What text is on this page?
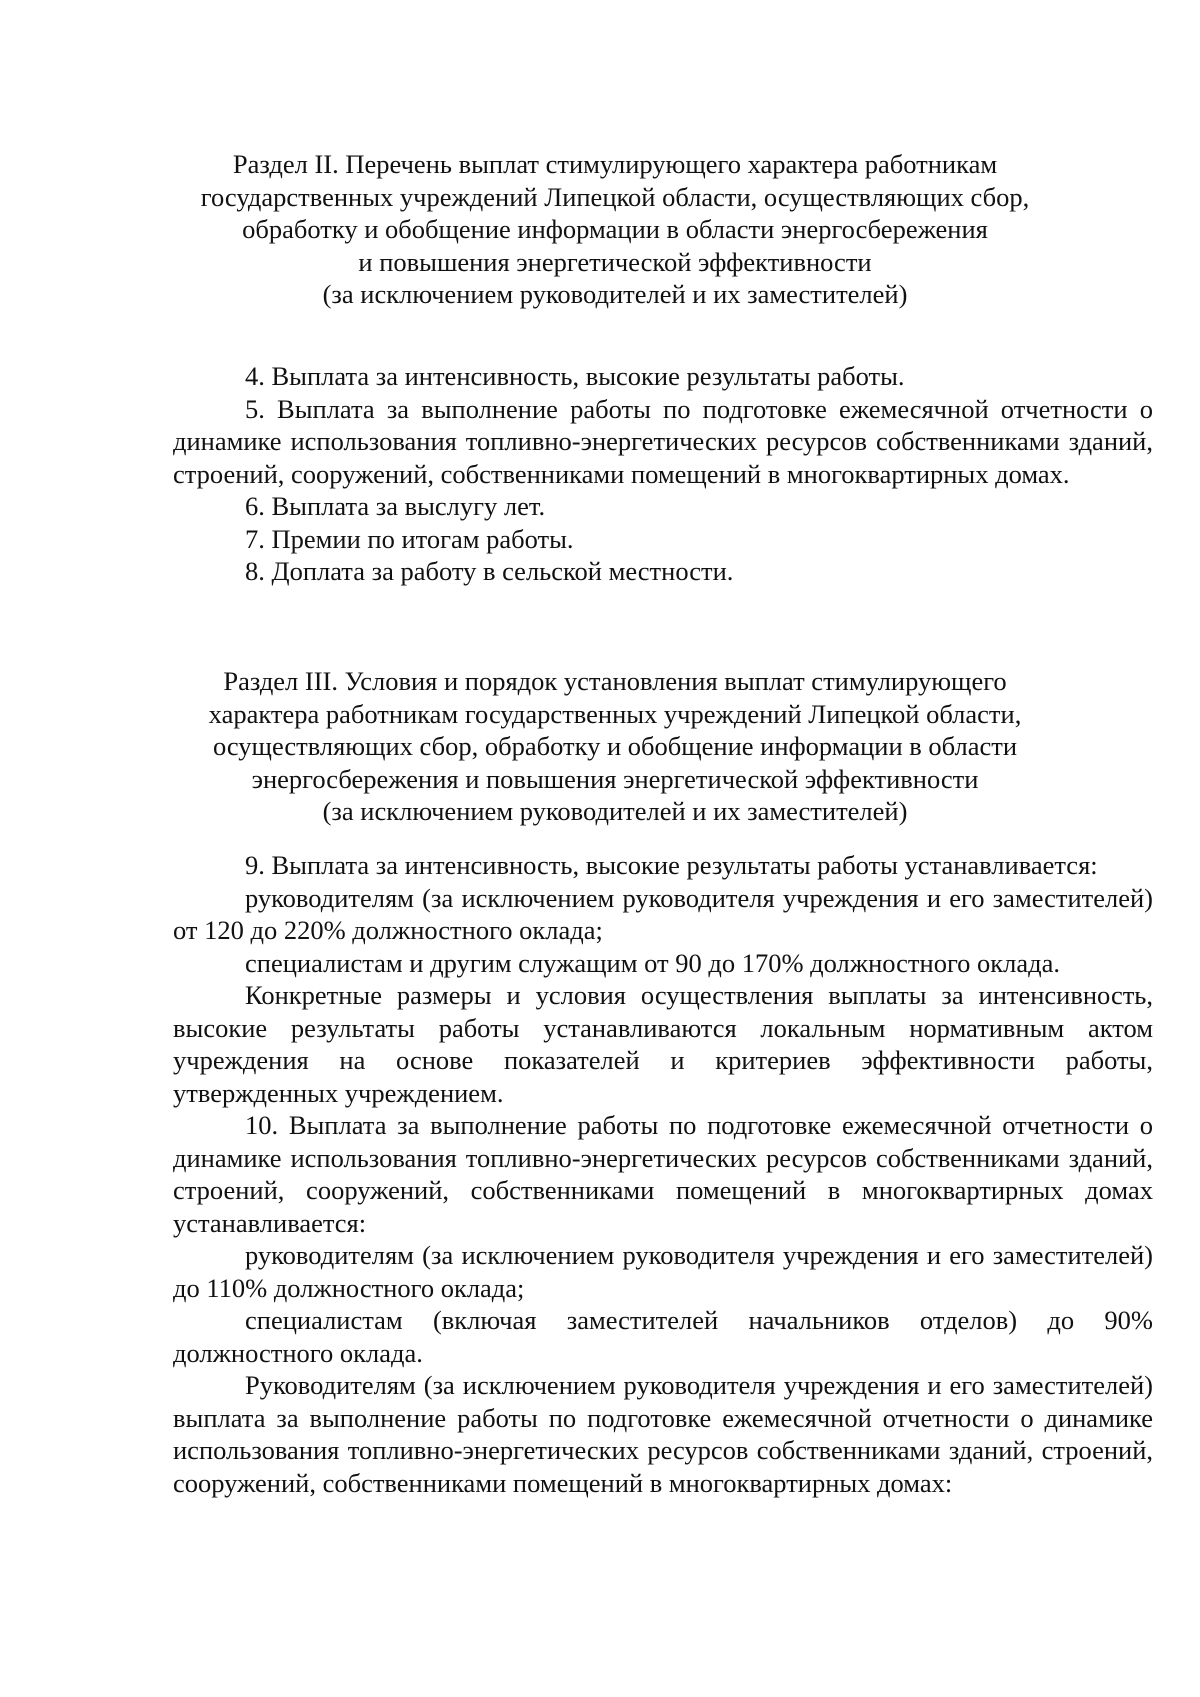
Раздел II. Перечень выплат стимулирующего характера работникам
государственных учреждений Липецкой области, осуществляющих сбор,
обработку и обобщение информации в области энергосбережения
и повышения энергетической эффективности
(за исключением руководителей и их заместителей)

4. Выплата за интенсивность, высокие результаты работы.

5. Выплата за выполнение работы по подготовке ежемесячной отчетности о динамике использования топливно-энергетических ресурсов собственниками зданий, строений, сооружений, собственниками помещений в многоквартирных домах.

6. Выплата за выслугу лет.

7. Премии по итогам работы.

8. Доплата за работу в сельской местности.

Раздел III. Условия и порядок установления выплат стимулирующего
характера работникам государственных учреждений Липецкой области,
осуществляющих сбор, обработку и обобщение информации в области
энергосбережения и повышения энергетической эффективности
(за исключением руководителей и их заместителей)

9. Выплата за интенсивность, высокие результаты работы устанавливается:

руководителям (за исключением руководителя учреждения и его заместителей) от 120 до 220% должностного оклада;

специалистам и другим служащим от 90 до 170% должностного оклада.

Конкретные размеры и условия осуществления выплаты за интенсивность, высокие результаты работы устанавливаются локальным нормативным актом учреждения на основе показателей и критериев эффективности работы, утвержденных учреждением.

10. Выплата за выполнение работы по подготовке ежемесячной отчетности о динамике использования топливно-энергетических ресурсов собственниками зданий, строений, сооружений, собственниками помещений в многоквартирных домах устанавливается:

руководителям (за исключением руководителя учреждения и его заместителей) до 110% должностного оклада;

специалистам (включая заместителей начальников отделов) до 90% должностного оклада.

Руководителям (за исключением руководителя учреждения и его заместителей) выплата за выполнение работы по подготовке ежемесячной отчетности о динамике использования топливно-энергетических ресурсов собственниками зданий, строений, сооружений, собственниками помещений в многоквартирных домах:
